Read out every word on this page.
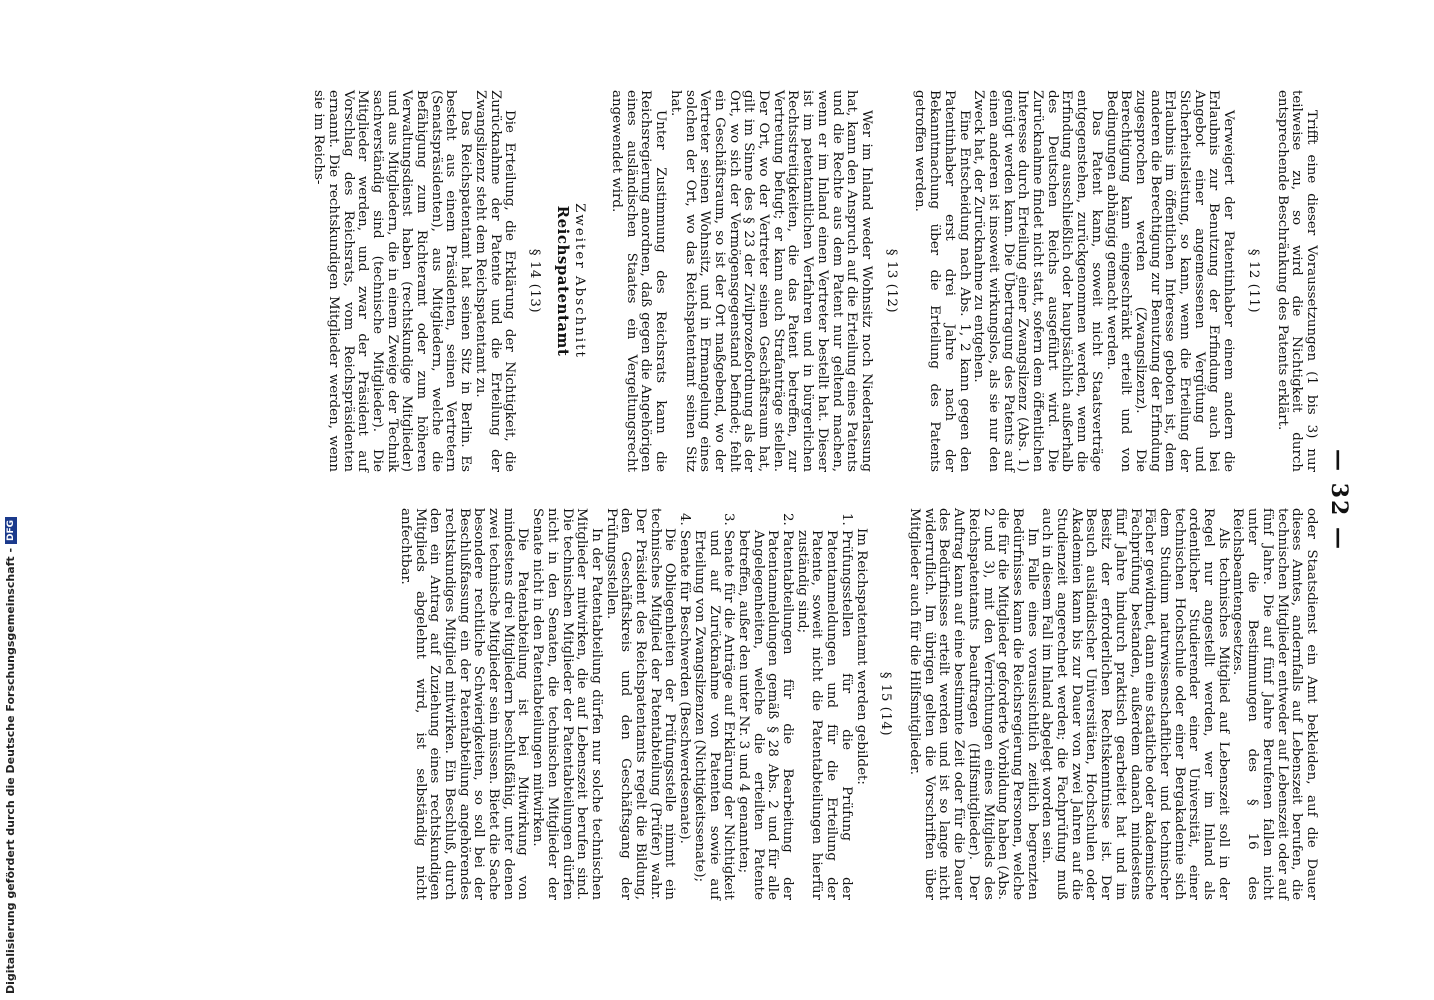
— 32 —

Trifft eine dieser Voraussetzungen (1 bis 3) nur teilweise zu, so wird die Nichtigkeit durch entsprechende Beschränkung des Patents erklärt.

§ 12 (11)

Verweigert der Patentinhaber einem andern die Erlaubnis zur Benutzung der Erfindung auch bei Angebot einer angemessenen Vergütung und Sicherheitsleistung, so kann, wenn die Erteilung der Erlaubnis im öffentlichen Interesse geboten ist, dem anderen die Berechtigung zur Benutzung der Erfindung zugesprochen werden (Zwangslizenz). Die Berechtigung kann eingeschränkt erteilt und von Bedingungen abhängig gemacht werden.

Das Patent kann, soweit nicht Staatsverträge entgegenstehen, zurückgenommen werden, wenn die Erfindung ausschließlich oder hauptsächlich außerhalb des Deutschen Reichs ausgeführt wird. Die Zurücknahme findet nicht statt, sofern dem öffentlichen Interesse durch Erteilung einer Zwangslizenz (Abs. 1) genügt werden kann. Die Übertragung des Patents auf einen anderen ist insoweit wirkungslos, als sie nur den Zweck hat, der Zurücknahme zu entgehen.

Eine Entscheidung nach Abs. 1, 2 kann gegen den Patentinhaber erst drei Jahre nach der Bekanntmachung über die Erteilung des Patents getroffen werden.

§ 13 (12)

Wer im Inland weder Wohnsitz noch Niederlassung hat, kann den Anspruch auf die Erteilung eines Patents und die Rechte aus dem Patent nur geltend machen, wenn er im Inland einen Vertreter bestellt hat. Dieser ist im patentamtlichen Verfahren und in bürgerlichen Rechtsstreitigkeiten, die das Patent betreffen, zur Vertretung befugt; er kann auch Strafanträge stellen. Der Ort, wo der Vertreter seinen Geschäftsraum hat, gilt im Sinne des § 23 der Zivilprozeßordnung als der Ort, wo sich der Vermögensgegenstand befindet; fehlt ein Geschäftsraum, so ist der Ort maßgebend, wo der Vertreter seinen Wohnsitz, und in Ermangelung eines solchen der Ort, wo das Reichspatentamt seinen Sitz hat.

Unter Zustimmung des Reichsrats kann die Reichsregierung anordnen, daß gegen die Angehörigen eines ausländischen Staates ein Vergeltungsrecht angewendet wird.

Zweiter Abschnitt
Reichspatentamt
§ 14 (13)

Die Erteilung, die Erklärung der Nichtigkeit, die Zurücknahme der Patente und die Erteilung der Zwangslizenz steht dem Reichspatentamt zu.

Das Reichspatentamt hat seinen Sitz in Berlin. Es besteht aus einem Präsidenten, seinen Vertretern (Senatspräsidenten), aus Mitgliedern, welche die Befähigung zum Richteramt oder zum höheren Verwaltungsdienst haben (rechtskundige Mitglieder) und aus Mitgliedern, die in einem Zweige der Technik sachverständig sind (technische Mitglieder). Die Mitglieder werden, und zwar der Präsident auf Vorschlag des Reichsrats, vom Reichspräsidenten ernannt. Die rechtskundigen Mitglieder werden, wenn sie im Reichs-

oder Staatsdienst ein Amt bekleiden, auf die Dauer dieses Amtes, andernfalls auf Lebenszeit berufen, die technischen Mitglieder entweder auf Lebenszeit oder auf fünf Jahre. Die auf fünf Jahre Berufenen fallen nicht unter die Bestimmungen des § 16 des Reichsbeamtengesetzes.

Als technisches Mitglied auf Lebenszeit soll in der Regel nur angestellt werden, wer im Inland als ordentlicher Studierender einer Universität, einer technischen Hochschule oder einer Bergakademie sich dem Studium naturwissenschaftlicher und technischer Fächer gewidmet, dann eine staatliche oder akademische Fachprüfung bestanden, außerdem danach mindestens fünf Jahre hindurch praktisch gearbeitet hat und im Besitz der erforderlichen Rechtskenntnisse ist. Der Besuch ausländischer Universitäten, Hochschulen oder Akademien kann bis zur Dauer von zwei Jahren auf die Studienzeit angerechnet werden; die Fachprüfung muß auch in diesem Fall im Inland abgelegt worden sein.

Im Falle eines voraussichtlich zeitlich begrenzten Bedürfnisses kann die Reichsregierung Personen, welche die für die Mitglieder geforderte Vorbildung haben (Abs. 2 und 3), mit den Verrichtungen eines Mitglieds des Reichspatentamts beauftragen (Hilfsmitglieder). Der Auftrag kann auf eine bestimmte Zeit oder für die Dauer des Bedürfnisses erteilt werden und ist so lange nicht widerruflich. Im übrigen gelten die Vorschriften über Mitglieder auch für die Hilfsmitglieder.

§ 15 (14)

Im Reichspatentamt werden gebildet:

1. Prüfungsstellen für die Prüfung der Patentanmeldungen und für die Erteilung der Patente, soweit nicht die Patentabteilungen hierfür zuständig sind;
2. Patentabteilungen für die Bearbeitung der Patentanmeldungen gemäß § 28 Abs. 2 und für alle Angelegenheiten, welche die erteilten Patente betreffen, außer den unter Nr. 3 und 4 genannten;
3. Senate für die Anträge auf Erklärung der Nichtigkeit und auf Zurücknahme von Patenten sowie auf Erteilung von Zwangslizenzen (Nichtigkeitssenate);
4. Senate für Beschwerden (Beschwerdesenate).

Die Obliegenheiten der Prüfungsstelle nimmt ein technisches Mitglied der Patentabteilung (Prüfer) wahr. Der Präsident des Reichspatentamts regelt die Bildung, den Geschäftskreis und den Geschäftsgang der Prüfungsstellen.

In der Patentabteilung dürfen nur solche technischen Mitglieder mitwirken, die auf Lebenszeit berufen sind. Die technischen Mitglieder der Patentabteilungen dürfen nicht in den Senaten, die technischen Mitglieder der Senate nicht in den Patentabteilungen mitwirken.

Die Patentabteilung ist bei Mitwirkung von mindestens drei Mitgliedern beschlußfähig, unter denen zwei technische Mitglieder sein müssen. Bietet die Sache besondere rechtliche Schwierigkeiten, so soll bei der Beschlußfassung ein der Patentabteilung angehörendes rechtskundiges Mitglied mitwirken. Ein Beschluß, durch den ein Antrag auf Zuziehung eines rechtskundigen Mitglieds abgelehnt wird, ist selbständig nicht anfechtbar.

Digitalisierung gefördert durch die Deutsche Forschungsgemeinschaft -DFG
